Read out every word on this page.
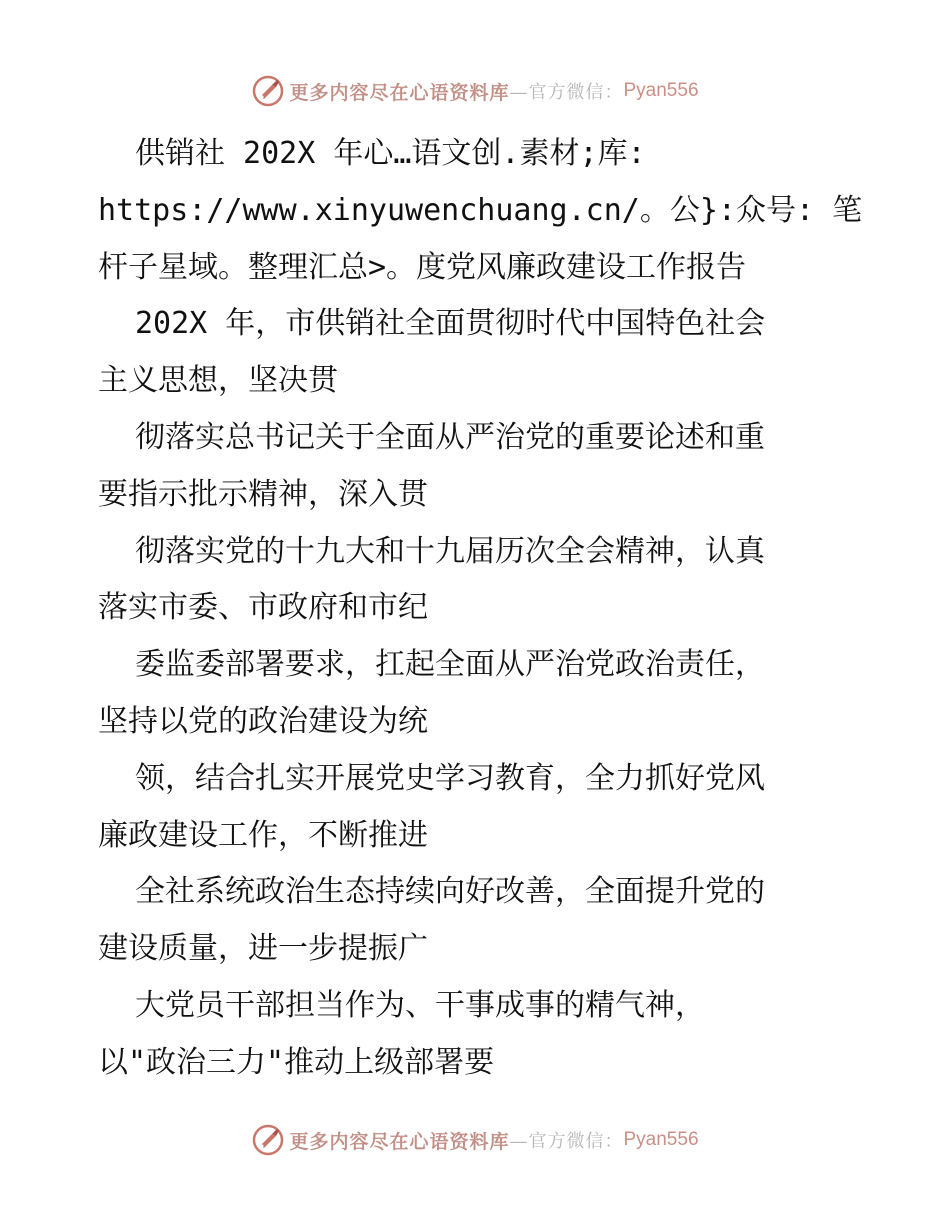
更多内容尽在心语资料库 —官方微信： Pyan556
供销社 202X 年心…语文创.素材;库:
https://www.xinyuwenchuang.cn/。公}:众号: 笔
杆子星域。整理汇总>。度党风廉政建设工作报告
202X 年，市供销社全面贯彻时代中国特色社会
主义思想，坚决贯
彻落实总书记关于全面从严治党的重要论述和重
要指示批示精神，深入贯
彻落实党的十九大和十九届历次全会精神，认真
落实市委、市政府和市纪
委监委部署要求，扛起全面从严治党政治责任，
坚持以党的政治建设为统
领，结合扎实开展党史学习教育，全力抓好党风
廉政建设工作，不断推进
全社系统政治生态持续向好改善，全面提升党的
建设质量，进一步提振广
大党员干部担当作为、干事成事的精气神，
以"政治三力"推动上级部署要
更多内容尽在心语资料库 —官方微信： Pyan556
